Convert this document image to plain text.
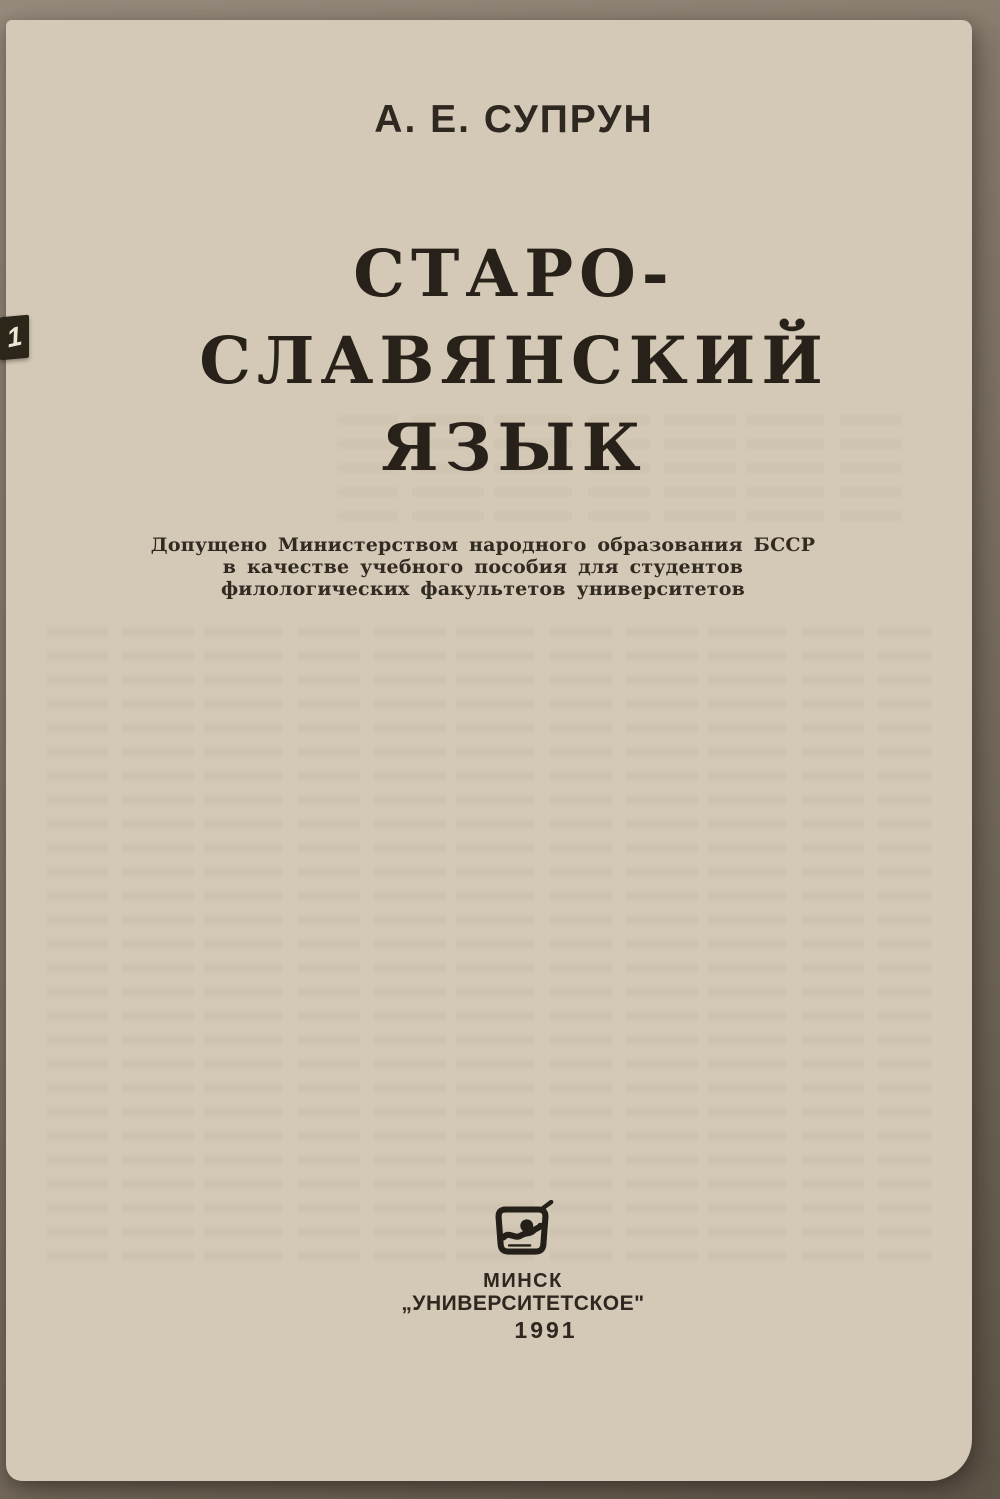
А. Е. СУПРУН
СТАРО-
СЛАВЯНСКИЙ
ЯЗЫК
Допущено Министерством народного образования БССР
в качестве учебного пособия для студентов
филологических факультетов университетов
МИНСК
„УНИВЕРСИТЕТСКОЕ"
1991
1
